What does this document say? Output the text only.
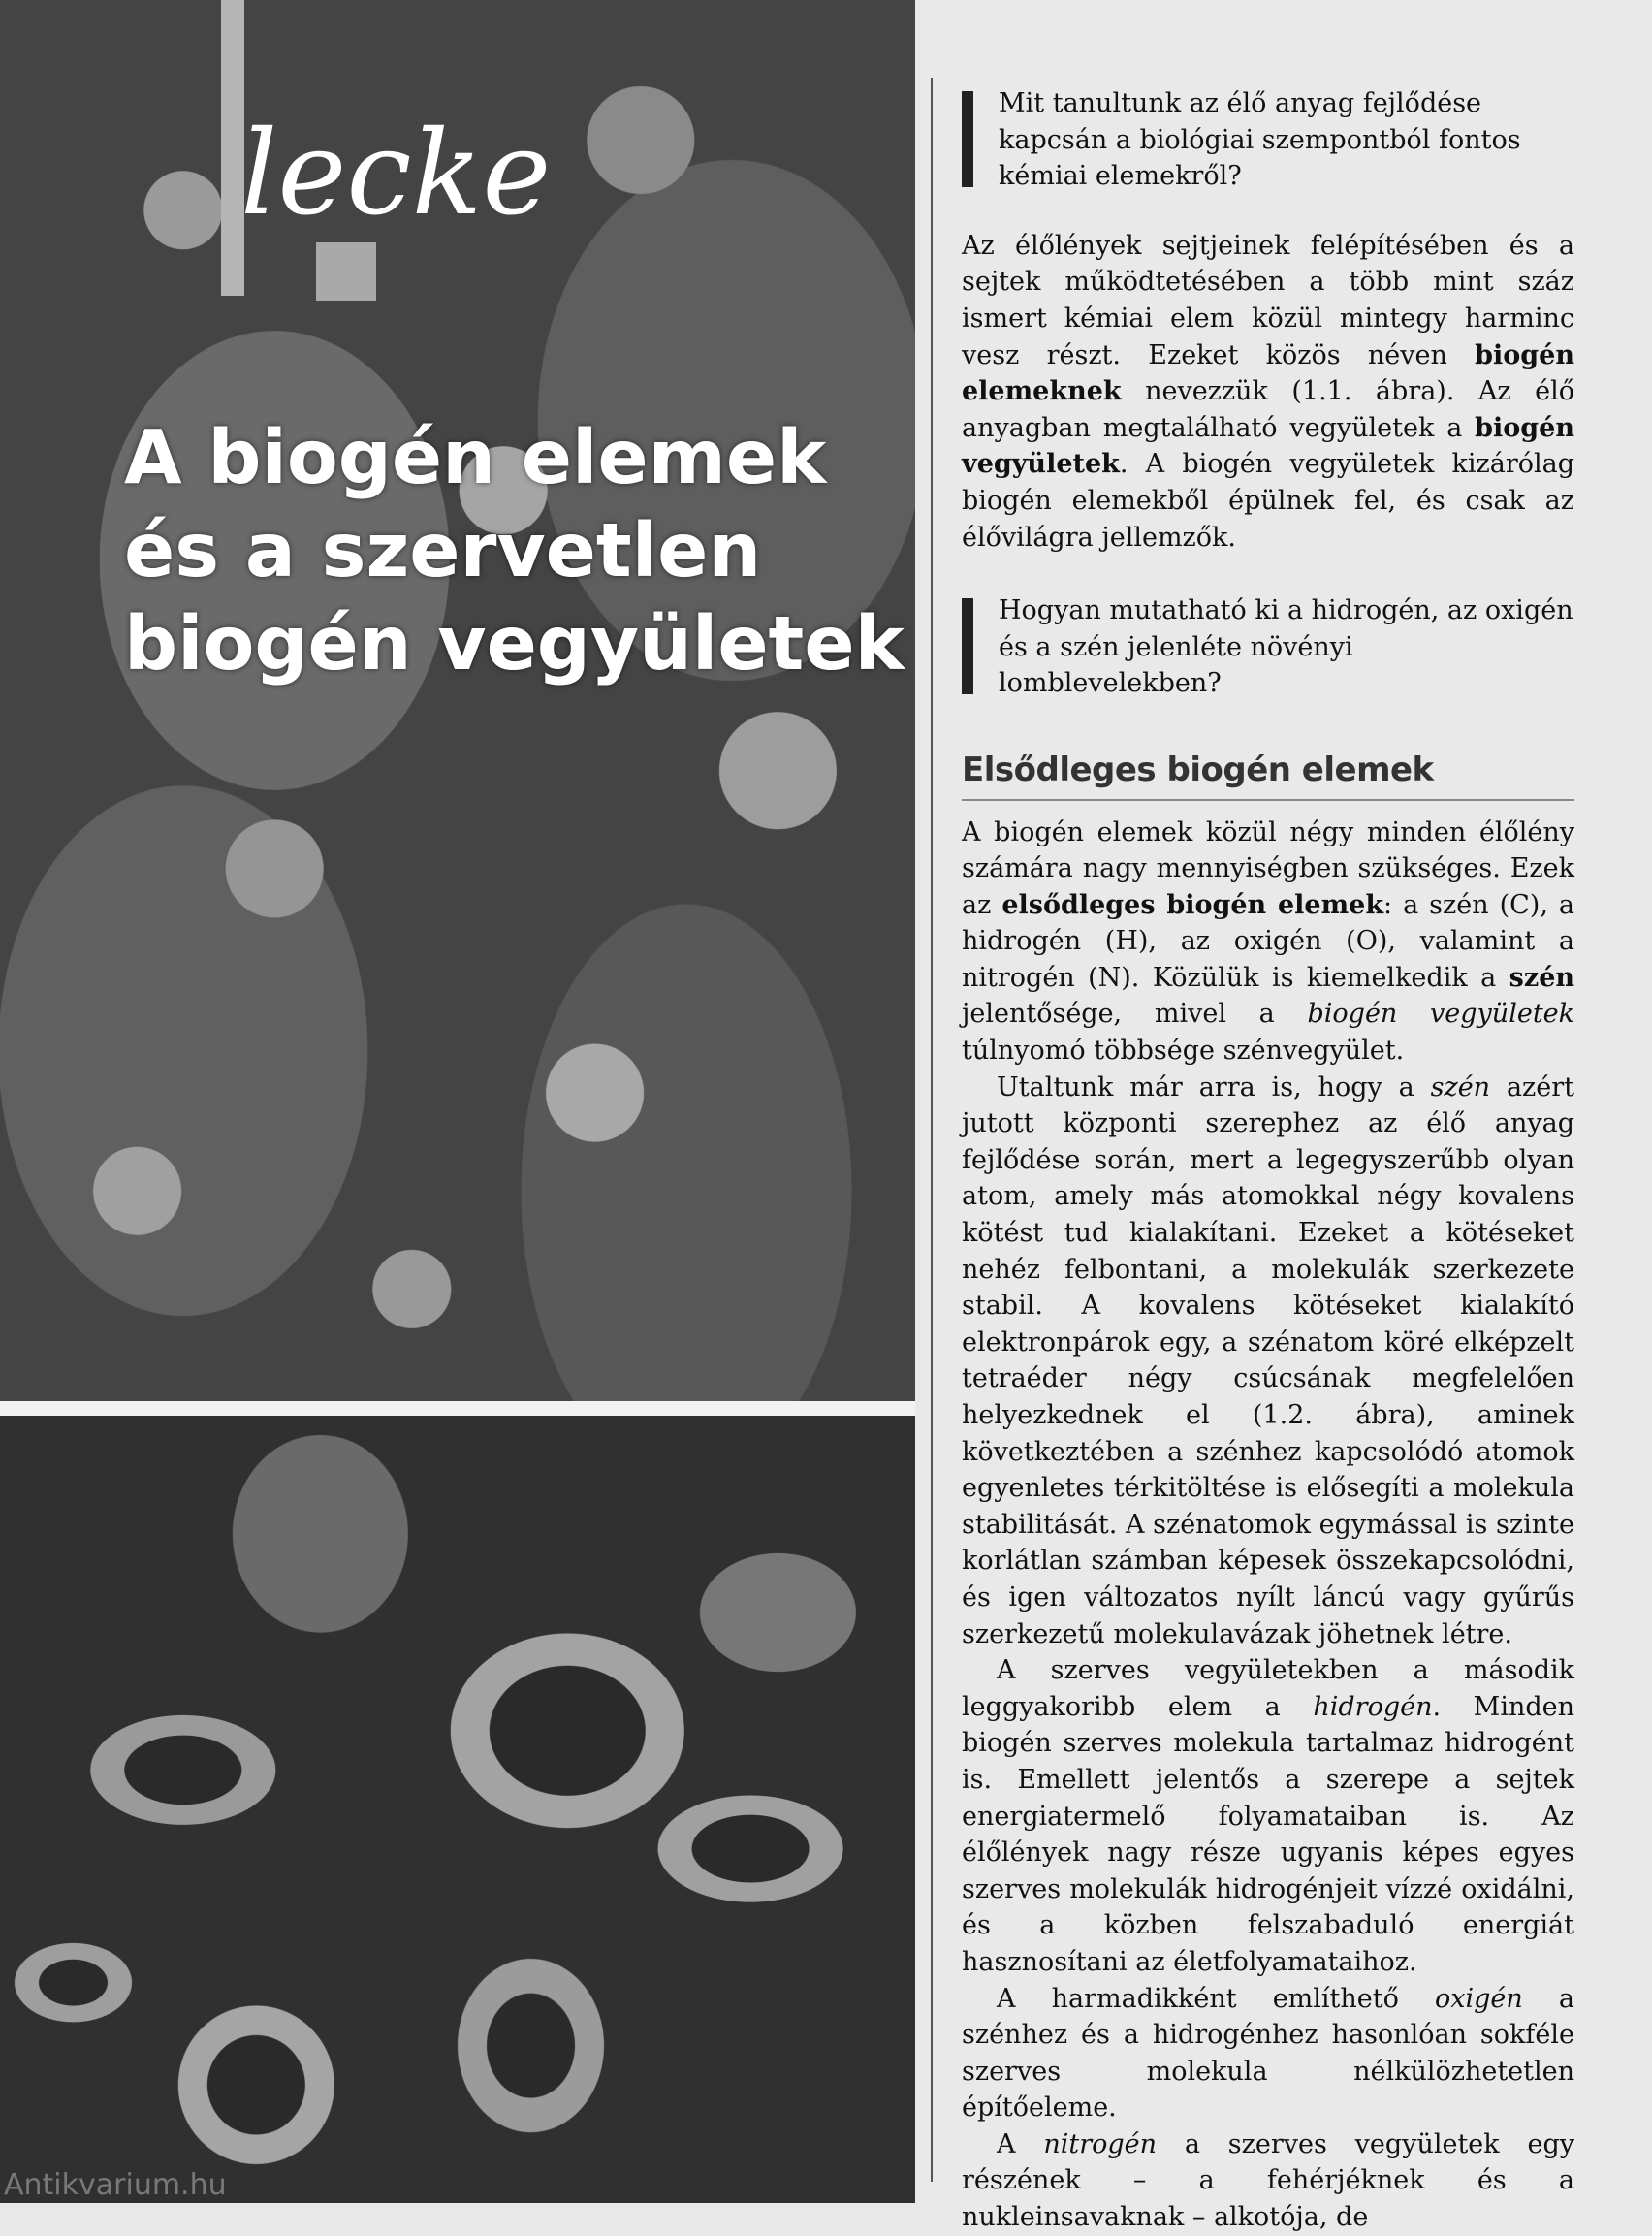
lecke
A biogén elemek
és a szervetlen
biogén vegyületek
Antikvarium.hu

Mit tanultunk az élő anyag fejlődése kapcsán a biológiai szempontból fontos kémiai elemekről?

Az élőlények sejtjeinek felépítésében és a sejtek működtetésében a több mint száz ismert kémiai elem közül mintegy harminc vesz részt. Ezeket közös néven biogén elemeknek nevezzük (1.1. ábra). Az élő anyagban megtalálható vegyületek a biogén vegyületek. A biogén vegyületek kizárólag biogén elemekből épülnek fel, és csak az élővilágra jellemzők.

Hogyan mutatható ki a hidrogén, az oxigén és a szén jelenléte növényi lomblevelekben?

Elsődleges biogén elemek

A biogén elemek közül négy minden élőlény számára nagy mennyiségben szükséges. Ezek az elsődleges biogén elemek: a szén (C), a hidrogén (H), az oxigén (O), valamint a nitrogén (N). Közülük is kiemelkedik a szén jelentősége, mivel a biogén vegyületek túlnyomó többsége szénvegyület.

Utaltunk már arra is, hogy a szén azért jutott központi szerephez az élő anyag fejlődése során, mert a legegyszerűbb olyan atom, amely más atomokkal négy kovalens kötést tud kialakítani. Ezeket a kötéseket nehéz felbontani, a molekulák szerkezete stabil. A kovalens kötéseket kialakító elektronpárok egy, a szénatom köré elképzelt tetraéder négy csúcsának megfelelően helyezkednek el (1.2. ábra), aminek következtében a szénhez kapcsolódó atomok egyenletes térkitöltése is elősegíti a molekula stabilitását. A szénatomok egymással is szinte korlátlan számban képesek összekapcsolódni, és igen változatos nyílt láncú vagy gyűrűs szerkezetű molekulavázak jöhetnek létre.

A szerves vegyületekben a második leggyakoribb elem a hidrogén. Minden biogén szerves molekula tartalmaz hidrogént is. Emellett jelentős a szerepe a sejtek energiatermelő folyamataiban is. Az élőlények nagy része ugyanis képes egyes szerves molekulák hidrogénjeit vízzé oxidálni, és a közben felszabaduló energiát hasznosítani az életfolyamataihoz.

A harmadikként említhető oxigén a szénhez és a hidrogénhez hasonlóan sokféle szerves molekula nélkülözhetetlen építőeleme.

A nitrogén a szerves vegyületek egy részének – a fehérjéknek és a nukleinsavaknak – alkotója, de
